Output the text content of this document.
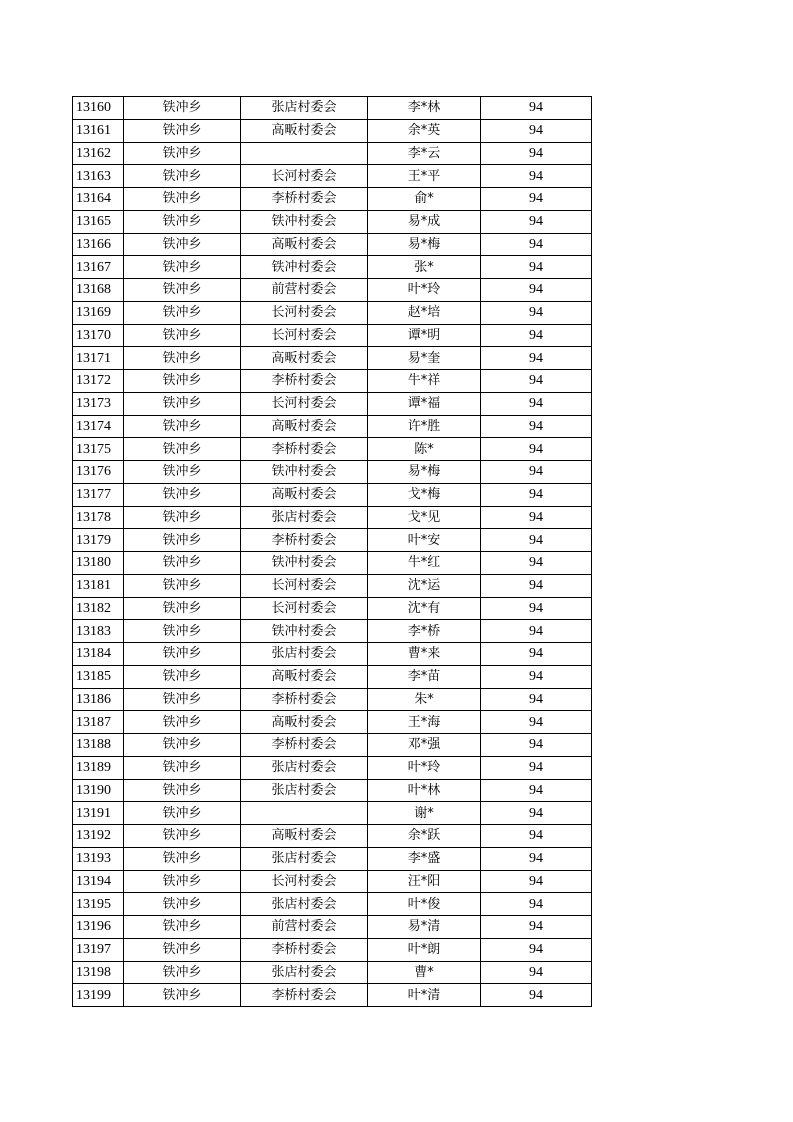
13160	铁冲乡	张店村委会	李*林	94
13161	铁冲乡	高畈村委会	余*英	94
13162	铁冲乡		李*云	94
13163	铁冲乡	长河村委会	王*平	94
13164	铁冲乡	李桥村委会	俞*	94
13165	铁冲乡	铁冲村委会	易*成	94
13166	铁冲乡	高畈村委会	易*梅	94
13167	铁冲乡	铁冲村委会	张*	94
13168	铁冲乡	前营村委会	叶*玲	94
13169	铁冲乡	长河村委会	赵*培	94
13170	铁冲乡	长河村委会	谭*明	94
13171	铁冲乡	高畈村委会	易*奎	94
13172	铁冲乡	李桥村委会	牛*祥	94
13173	铁冲乡	长河村委会	谭*福	94
13174	铁冲乡	高畈村委会	许*胜	94
13175	铁冲乡	李桥村委会	陈*	94
13176	铁冲乡	铁冲村委会	易*梅	94
13177	铁冲乡	高畈村委会	戈*梅	94
13178	铁冲乡	张店村委会	戈*见	94
13179	铁冲乡	李桥村委会	叶*安	94
13180	铁冲乡	铁冲村委会	牛*红	94
13181	铁冲乡	长河村委会	沈*运	94
13182	铁冲乡	长河村委会	沈*有	94
13183	铁冲乡	铁冲村委会	李*桥	94
13184	铁冲乡	张店村委会	曹*来	94
13185	铁冲乡	高畈村委会	李*苗	94
13186	铁冲乡	李桥村委会	朱*	94
13187	铁冲乡	高畈村委会	王*海	94
13188	铁冲乡	李桥村委会	邓*强	94
13189	铁冲乡	张店村委会	叶*玲	94
13190	铁冲乡	张店村委会	叶*林	94
13191	铁冲乡		谢*	94
13192	铁冲乡	高畈村委会	余*跃	94
13193	铁冲乡	张店村委会	李*盛	94
13194	铁冲乡	长河村委会	汪*阳	94
13195	铁冲乡	张店村委会	叶*俊	94
13196	铁冲乡	前营村委会	易*清	94
13197	铁冲乡	李桥村委会	叶*朗	94
13198	铁冲乡	张店村委会	曹*	94
13199	铁冲乡	李桥村委会	叶*清	94
